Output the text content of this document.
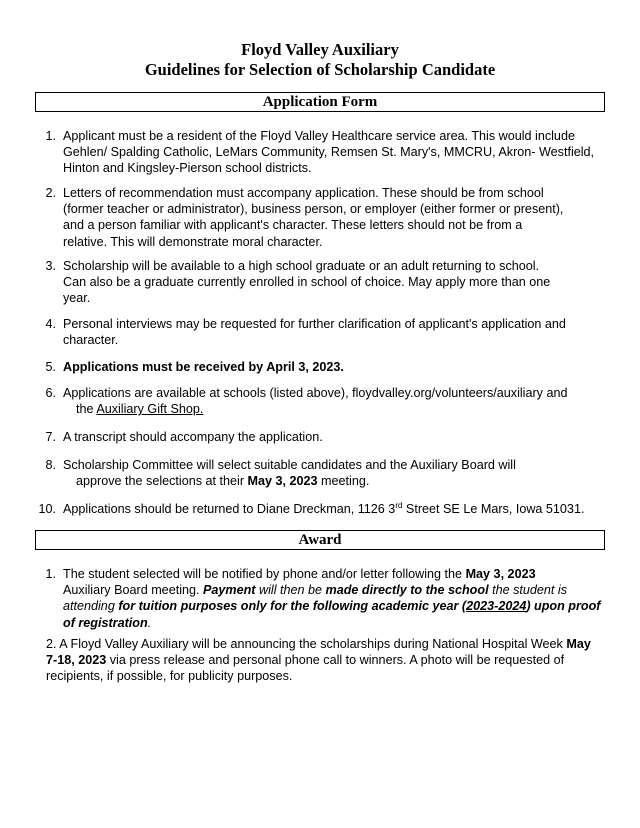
Floyd Valley Auxiliary
Guidelines for Selection of Scholarship Candidate
Application Form
1. Applicant must be a resident of the Floyd Valley Healthcare service area. This would include
Gehlen/ Spalding Catholic, LeMars Community, Remsen St. Mary's, MMCRU, Akron- Westfield,
Hinton and Kingsley-Pierson school districts.
2. Letters of recommendation must accompany application. These should be from school
(former teacher or administrator), business person, or employer (either former or present),
and a person familiar with applicant's character. These letters should not be from a
relative. This will demonstrate moral character.
3. Scholarship will be available to a high school graduate or an adult returning to school.
Can also be a graduate currently enrolled in school of choice. May apply more than one
year.
4. Personal interviews may be requested for further clarification of applicant's application and
character.
5. Applications must be received by April 3, 2023.
6. Applications are available at schools (listed above), floydvalley.org/volunteers/auxiliary and
the Auxiliary Gift Shop.
7. A transcript should accompany the application.
8. Scholarship Committee will select suitable candidates and the Auxiliary Board will
approve the selections at their May 3, 2023 meeting.
10. Applications should be returned to Diane Dreckman, 1126 3rd Street SE Le Mars, Iowa 51031.
Award
1. The student selected will be notified by phone and/or letter following the May 3, 2023
Auxiliary Board meeting. Payment will then be made directly to the school the student is
attending for tuition purposes only for the following academic year (2023-2024) upon proof
of registration.
2. A Floyd Valley Auxiliary will be announcing the scholarships during National Hospital Week May
7-18, 2023 via press release and personal phone call to winners. A photo will be requested of
recipients, if possible, for publicity purposes.
